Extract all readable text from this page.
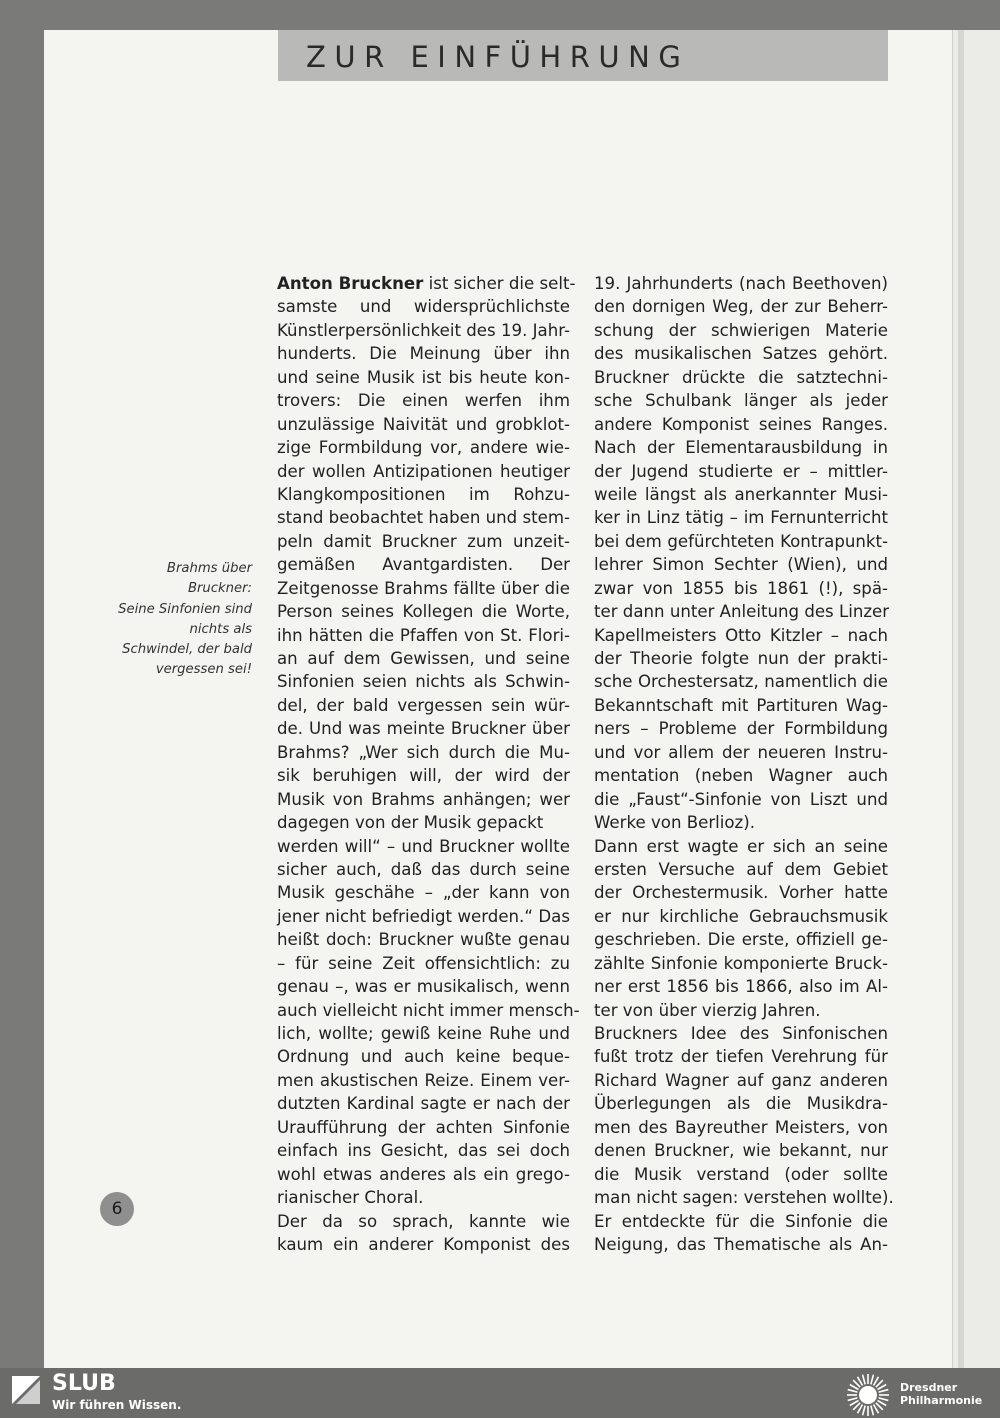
ZUR EINFÜHRUNG
Brahms über
Bruckner:
Seine Sinfonien sind
nichts als
Schwindel, der bald
vergessen sei!
Anton Bruckner ist sicher die selt-
samste und widersprüchlichste
Künstlerpersönlichkeit des 19. Jahr-
hunderts. Die Meinung über ihn
und seine Musik ist bis heute kon-
trovers: Die einen werfen ihm
unzulässige Naivität und grobklot-
zige Formbildung vor, andere wie-
der wollen Antizipationen heutiger
Klangkompositionen im Rohzu-
stand beobachtet haben und stem-
peln damit Bruckner zum unzeit-
gemäßen Avantgardisten. Der
Zeitgenosse Brahms fällte über die
Person seines Kollegen die Worte,
ihn hätten die Pfaffen von St. Flori-
an auf dem Gewissen, und seine
Sinfonien seien nichts als Schwin-
del, der bald vergessen sein wür-
de. Und was meinte Bruckner über
Brahms? „Wer sich durch die Mu-
sik beruhigen will, der wird der
Musik von Brahms anhängen; wer
dagegen von der Musik gepackt
werden will“ – und Bruckner wollte
sicher auch, daß das durch seine
Musik geschähe – „der kann von
jener nicht befriedigt werden.“ Das
heißt doch: Bruckner wußte genau
– für seine Zeit offensichtlich: zu
genau –, was er musikalisch, wenn
auch vielleicht nicht immer mensch-
lich, wollte; gewiß keine Ruhe und
Ordnung und auch keine beque-
men akustischen Reize. Einem ver-
dutzten Kardinal sagte er nach der
Uraufführung der achten Sinfonie
einfach ins Gesicht, das sei doch
wohl etwas anderes als ein grego-
rianischer Choral.
Der da so sprach, kannte wie
kaum ein anderer Komponist des
19. Jahrhunderts (nach Beethoven)
den dornigen Weg, der zur Beherr-
schung der schwierigen Materie
des musikalischen Satzes gehört.
Bruckner drückte die satztechni-
sche Schulbank länger als jeder
andere Komponist seines Ranges.
Nach der Elementarausbildung in
der Jugend studierte er – mittler-
weile längst als anerkannter Musi-
ker in Linz tätig – im Fernunterricht
bei dem gefürchteten Kontrapunkt-
lehrer Simon Sechter (Wien), und
zwar von 1855 bis 1861 (!), spä-
ter dann unter Anleitung des Linzer
Kapellmeisters Otto Kitzler – nach
der Theorie folgte nun der prakti-
sche Orchestersatz, namentlich die
Bekanntschaft mit Partituren Wag-
ners – Probleme der Formbildung
und vor allem der neueren Instru-
mentation (neben Wagner auch
die „Faust“-Sinfonie von Liszt und
Werke von Berlioz).
Dann erst wagte er sich an seine
ersten Versuche auf dem Gebiet
der Orchestermusik. Vorher hatte
er nur kirchliche Gebrauchsmusik
geschrieben. Die erste, offiziell ge-
zählte Sinfonie komponierte Bruck-
ner erst 1856 bis 1866, also im Al-
ter von über vierzig Jahren.
Bruckners Idee des Sinfonischen
fußt trotz der tiefen Verehrung für
Richard Wagner auf ganz anderen
Überlegungen als die Musikdra-
men des Bayreuther Meisters, von
denen Bruckner, wie bekannt, nur
die Musik verstand (oder sollte
man nicht sagen: verstehen wollte).
Er entdeckte für die Sinfonie die
Neigung, das Thematische als An-
6
SLUB
Wir führen Wissen.
Dresdner
Philharmonie
